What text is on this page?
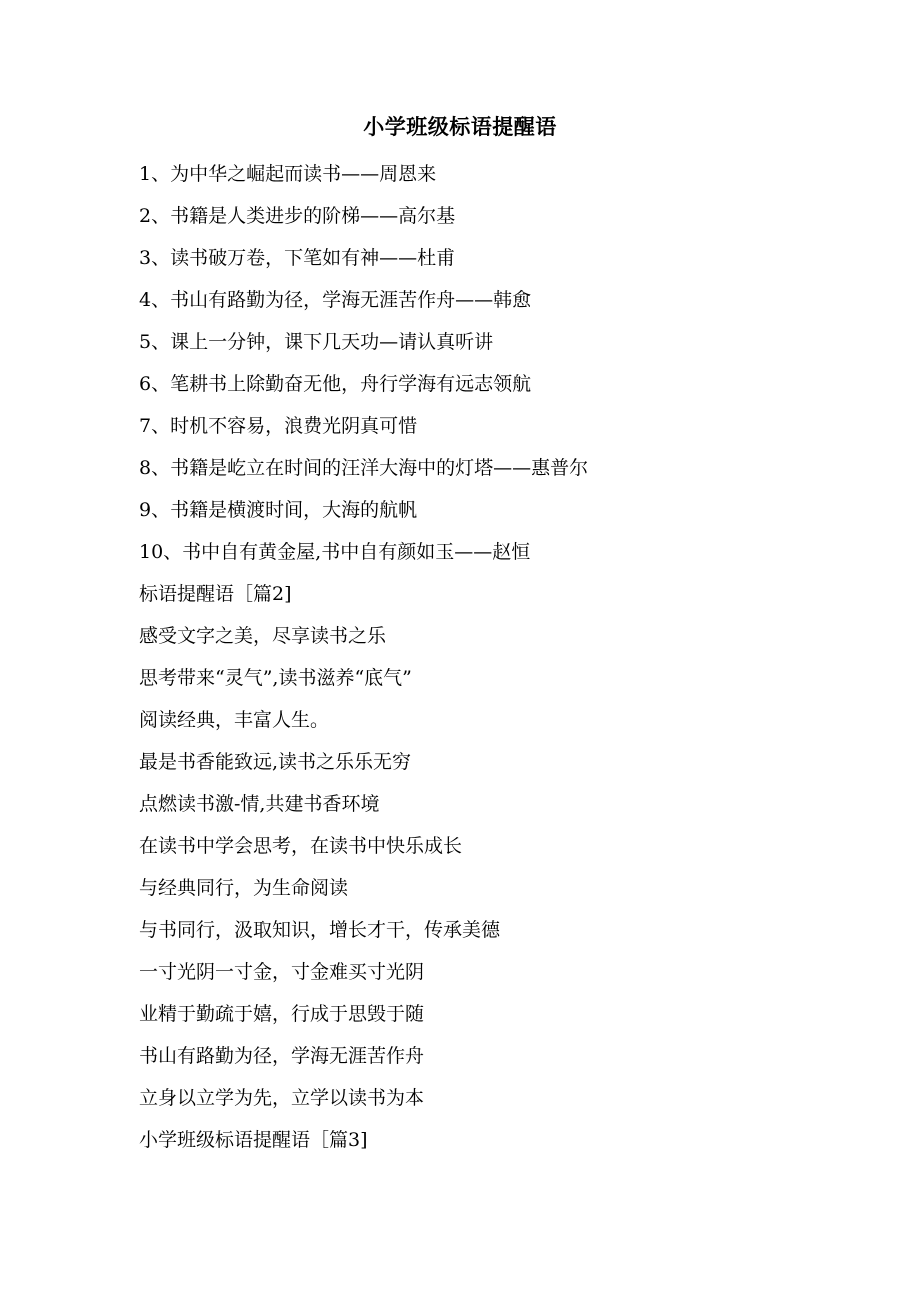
小学班级标语提醒语
1、为中华之崛起而读书——周恩来
2、书籍是人类进步的阶梯——高尔基
3、读书破万卷，下笔如有神——杜甫
4、书山有路勤为径，学海无涯苦作舟——韩愈
5、课上一分钟，课下几天功—请认真听讲
6、笔耕书上除勤奋无他，舟行学海有远志领航
7、时机不容易，浪费光阴真可惜
8、书籍是屹立在时间的汪洋大海中的灯塔——惠普尔
9、书籍是横渡时间，大海的航帆
10、书中自有黄金屋,书中自有颜如玉——赵恒
标语提醒语［篇2]
感受文字之美，尽享读书之乐
思考带来“灵气”,读书滋养“底气”
阅读经典，丰富人生。
最是书香能致远,读书之乐乐无穷
点燃读书激-情,共建书香环境
在读书中学会思考，在读书中快乐成长
与经典同行，为生命阅读
与书同行，汲取知识，增长才干，传承美德
一寸光阴一寸金，寸金难买寸光阴
业精于勤疏于嬉，行成于思毁于随
书山有路勤为径，学海无涯苦作舟
立身以立学为先，立学以读书为本
小学班级标语提醒语［篇3]
